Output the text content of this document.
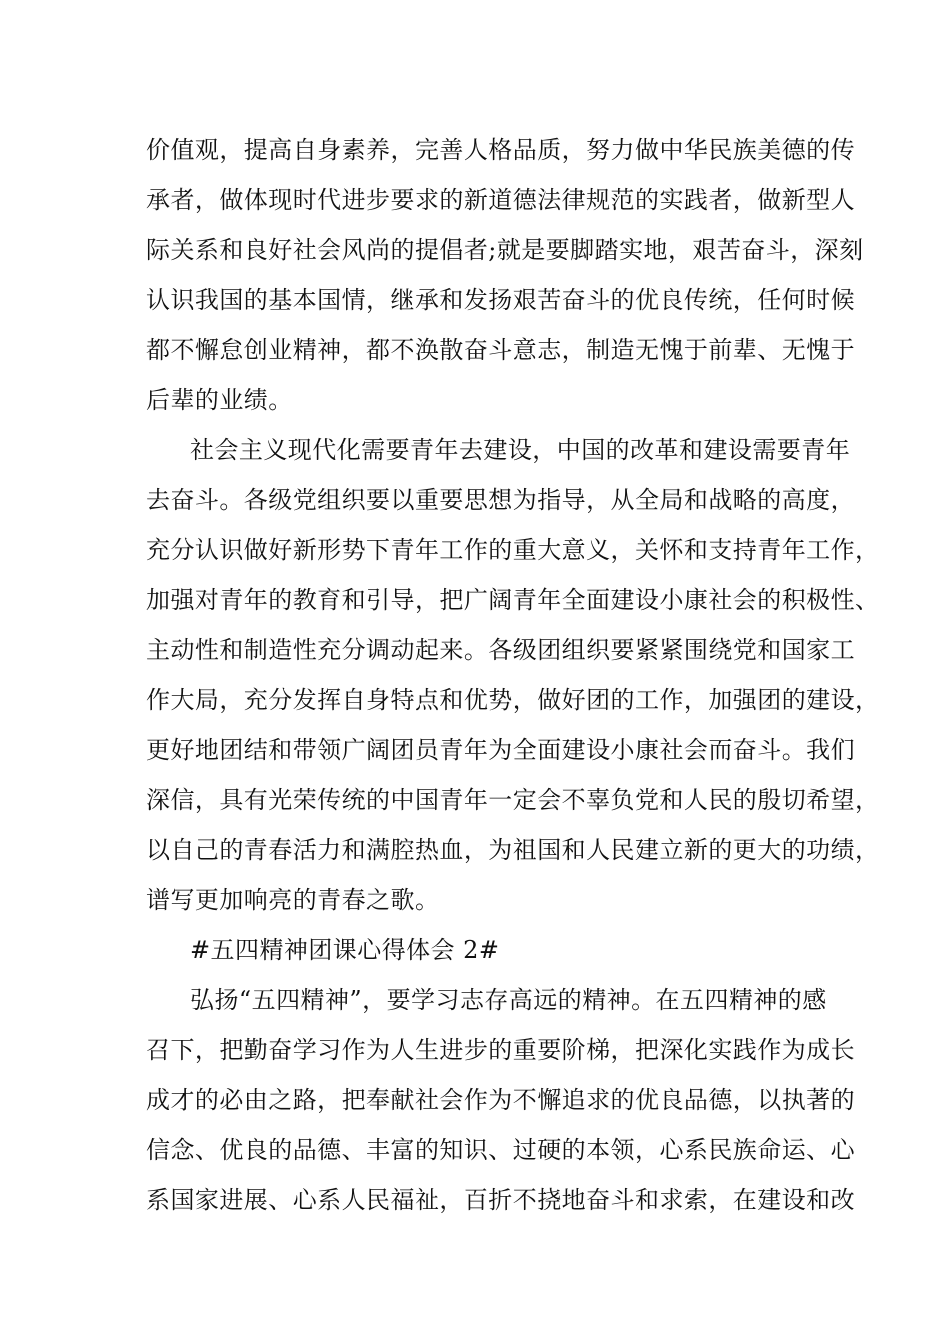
价值观，提高自身素养，完善人格品质，努力做中华民族美德的传
承者，做体现时代进步要求的新道德法律规范的实践者，做新型人
际关系和良好社会风尚的提倡者;就是要脚踏实地，艰苦奋斗，深刻
认识我国的基本国情，继承和发扬艰苦奋斗的优良传统，任何时候
都不懈怠创业精神，都不涣散奋斗意志，制造无愧于前辈、无愧于
后辈的业绩。
社会主义现代化需要青年去建设，中国的改革和建设需要青年
去奋斗。各级党组织要以重要思想为指导，从全局和战略的高度，
充分认识做好新形势下青年工作的重大意义，关怀和支持青年工作，
加强对青年的教育和引导，把广阔青年全面建设小康社会的积极性、
主动性和制造性充分调动起来。各级团组织要紧紧围绕党和国家工
作大局，充分发挥自身特点和优势，做好团的工作，加强团的建设，
更好地团结和带领广阔团员青年为全面建设小康社会而奋斗。我们
深信，具有光荣传统的中国青年一定会不辜负党和人民的殷切希望，
以自己的青春活力和满腔热血，为祖国和人民建立新的更大的功绩，
谱写更加响亮的青春之歌。
#五四精神团课心得体会 2#
弘扬“五四精神”，要学习志存高远的精神。在五四精神的感
召下，把勤奋学习作为人生进步的重要阶梯，把深化实践作为成长
成才的必由之路，把奉献社会作为不懈追求的优良品德，以执著的
信念、优良的品德、丰富的知识、过硬的本领，心系民族命运、心
系国家进展、心系人民福祉，百折不挠地奋斗和求索，在建设和改
